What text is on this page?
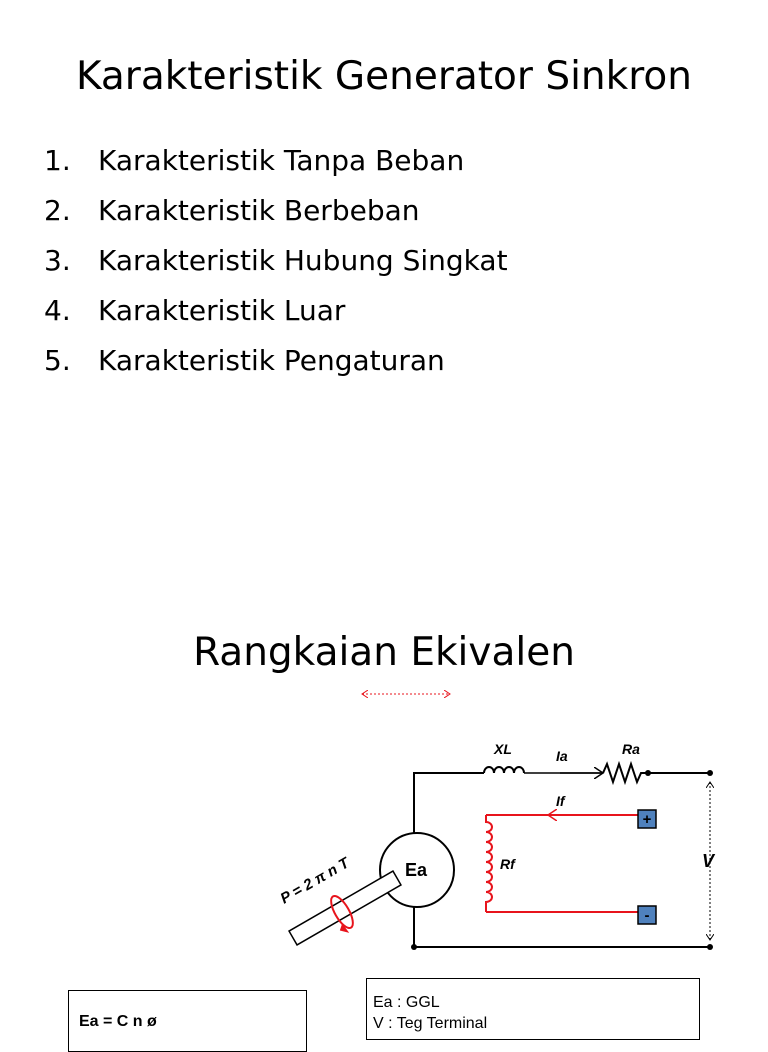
Karakteristik Generator Sinkron
1. Karakteristik Tanpa Beban
2. Karakteristik Berbeban
3. Karakteristik Hubung Singkat
4. Karakteristik Luar
5. Karakteristik Pengaturan
Rangkaian Ekivalen
XL	Ia	Ra
If
Rf
Ea	V
+
-
P = 2 π n T
Ea = C n ø
Ea : GGL
V : Teg Terminal
